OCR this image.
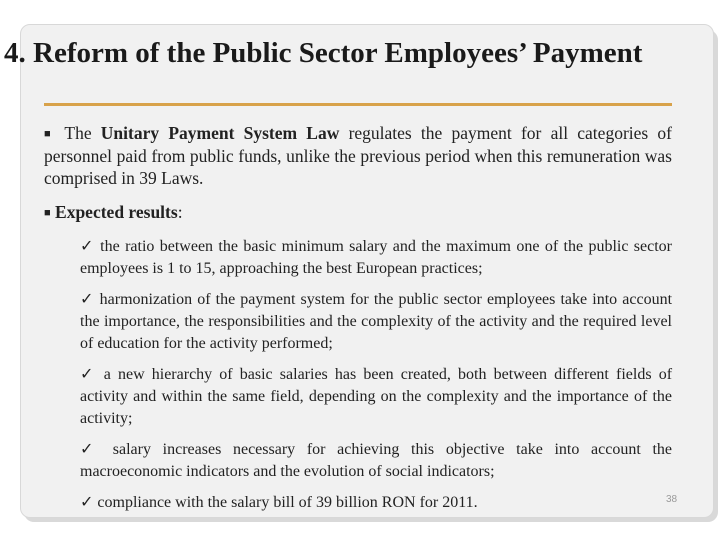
4. Reform of the Public Sector Employees’ Payment

■ The Unitary Payment System Law regulates the payment for all categories of personnel paid from public funds, unlike the previous period when this remuneration was comprised in 39 Laws.

■ Expected results:

✓ the ratio between the basic minimum salary and the maximum one of the public sector employees is 1 to 15, approaching the best European practices;

✓ harmonization of the payment system for the public sector employees take into account the importance, the responsibilities and the complexity of the activity and the required level of education for the activity performed;

✓ a new hierarchy of basic salaries has been created, both between different fields of activity and within the same field, depending on the complexity and the importance of the activity;

✓ salary increases necessary for achieving this objective take into account the macroeconomic indicators and the evolution of social indicators;

✓ compliance with the salary bill of 39 billion RON for 2011.	38
